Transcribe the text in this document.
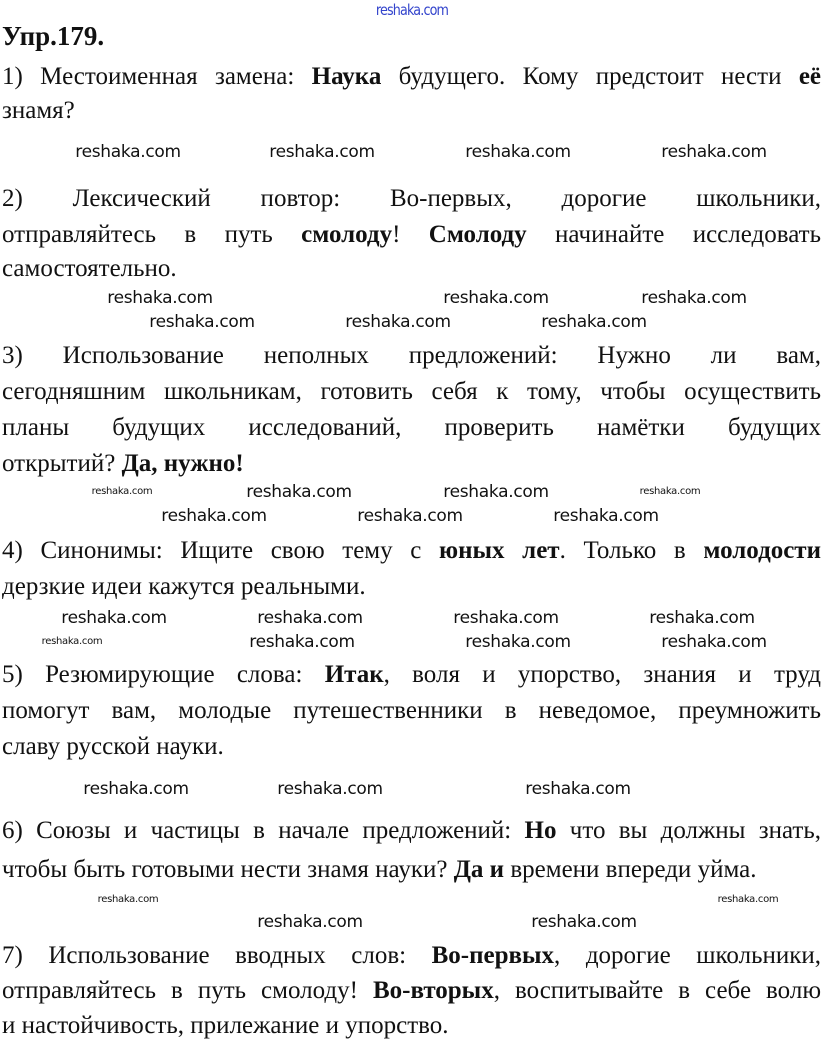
reshaka.com
Упр.179.
1) Местоименная замена: Наука будущего. Кому предстоит нести её
знамя?
2) Лексический повтор: Во-первых, дорогие школьники,
отправляйтесь в путь смолоду! Смолоду начинайте исследовать
самостоятельно.
3) Использование неполных предложений: Нужно ли вам,
сегодняшним школьникам, готовить себя к тому, чтобы осуществить
планы будущих исследований, проверить намётки будущих
открытий? Да, нужно!
4) Синонимы: Ищите свою тему с юных лет. Только в молодости
дерзкие идеи кажутся реальными.
5) Резюмирующие слова: Итак, воля и упорство, знания и труд
помогут вам, молодые путешественники в неведомое, преумножить
славу русской науки.
6) Союзы и частицы в начале предложений: Но что вы должны знать,
чтобы быть готовыми нести знамя науки? Да и времени впереди уйма.
7) Использование вводных слов: Во-первых, дорогие школьники,
отправляйтесь в путь смолоду! Во-вторых, воспитывайте в себе волю
и настойчивость, прилежание и упорство.
reshaka.com	reshaka.com	reshaka.com	reshaka.com
reshaka.com	reshaka.com	reshaka.com
reshaka.com	reshaka.com	reshaka.com
reshaka.com	reshaka.com	reshaka.com	reshaka.com
reshaka.com
reshaka.com	reshaka.com
reshaka.com
reshaka.com	reshaka.com	reshaka.com
reshaka.com	reshaka.com	reshaka.com	reshaka.com
reshaka.com	reshaka.com	reshaka.com
reshaka.com	reshaka.com
reshaka.com	reshaka.com
